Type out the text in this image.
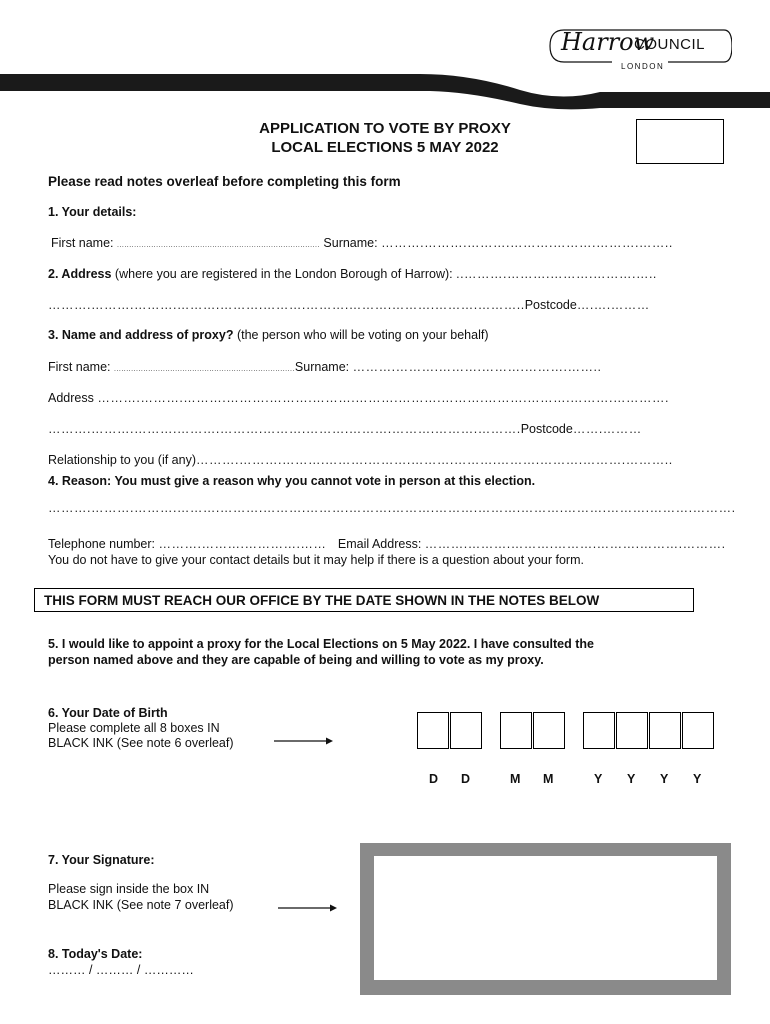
Harrow
COUNCIL
LONDON
APPLICATION TO VOTE BY PROXY
LOCAL ELECTIONS 5 MAY 2022
Please read notes overleaf before completing this form
1. Your details:
First name: ................................................................................... Surname: ……….……….……….……….……….……….……..
2. Address (where you are registered in the London Borough of Harrow): ..……….……….……….……….…..
……….……….……….……….……….……….……….……….……….……….………..Postcode….….………
3. Name and address of proxy? (the person who will be voting on your behalf)
First name: ..........................................................................Surname: ……….……….……….……….……….……..
Address ……….……….……….……….……….……….……….……….……….……….……….……….………….
……….……….……….……….……….……….……….……….……….……….……….Postcode…….………
Relationship to you (if any)……….……….……….……….……….……….……….……….……….……….………..
4. Reason: You must give a reason why you cannot vote in person at this election.
……….……….……….……….……….……….……….……….……….……….……….……….……….……….……….……….
Telephone number: ……….……….………….…… Email Address: ……….……….……….……….……….……….……….
You do not have to give your contact details but it may help if there is a question about your form.
THIS FORM MUST REACH OUR OFFICE BY THE DATE SHOWN IN THE NOTES BELOW
5. I would like to appoint a proxy for the Local Elections on 5 May 2022. I have consulted the
person named above and they are capable of being and willing to vote as my proxy.
6. Your Date of Birth
Please complete all 8 boxes IN
BLACK INK (See note 6 overleaf)
D D	M M	Y Y Y Y
7. Your Signature:
Please sign inside the box IN
BLACK INK (See note 7 overleaf)
8. Today's Date:
……… / ……… / …………
